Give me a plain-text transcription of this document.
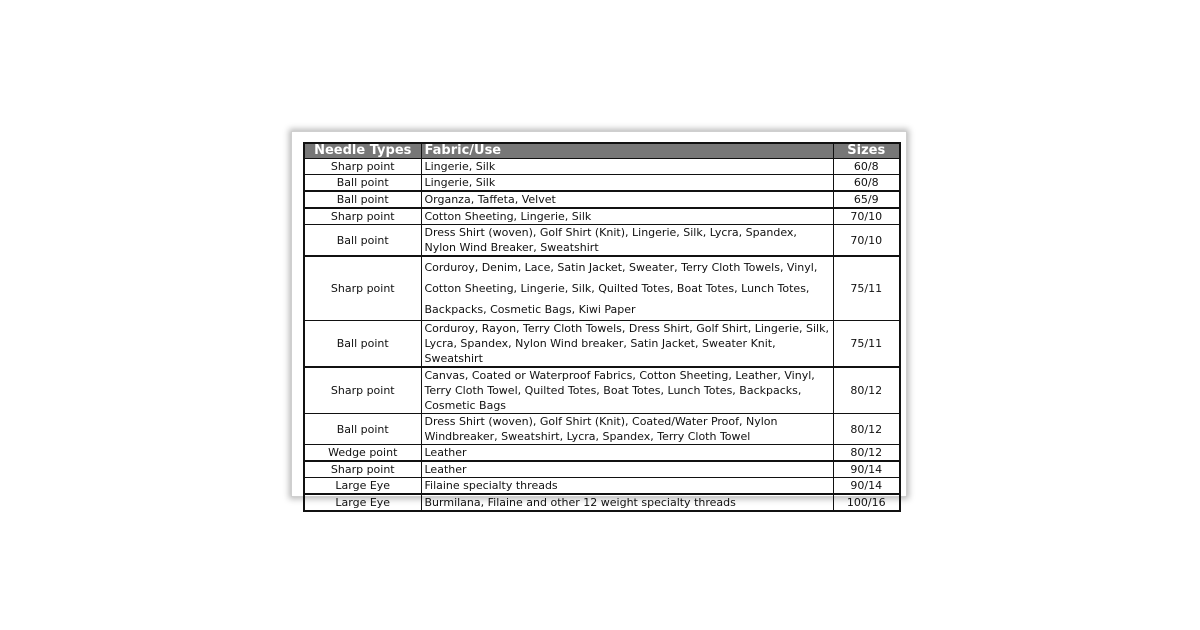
Needle Types	Fabric/Use	Sizes
Sharp point	Lingerie, Silk	60/8
Ball point	Lingerie, Silk	60/8
Ball point	Organza, Taffeta, Velvet	65/9
Sharp point	Cotton Sheeting, Lingerie, Silk	70/10
Ball point	Dress Shirt (woven), Golf Shirt (Knit), Lingerie, Silk, Lycra, Spandex, Nylon Wind Breaker, Sweatshirt	70/10
Sharp point	Corduroy, Denim, Lace, Satin Jacket, Sweater, Terry Cloth Towels, Vinyl, Cotton Sheeting, Lingerie, Silk, Quilted Totes, Boat Totes, Lunch Totes, Backpacks, Cosmetic Bags, Kiwi Paper	75/11
Ball point	Corduroy, Rayon, Terry Cloth Towels, Dress Shirt, Golf Shirt, Lingerie, Silk, Lycra, Spandex, Nylon Wind breaker, Satin Jacket, Sweater Knit, Sweatshirt	75/11
Sharp point	Canvas, Coated or Waterproof Fabrics, Cotton Sheeting, Leather, Vinyl, Terry Cloth Towel, Quilted Totes, Boat Totes, Lunch Totes, Backpacks, Cosmetic Bags	80/12
Ball point	Dress Shirt (woven), Golf Shirt (Knit), Coated/Water Proof, Nylon Windbreaker, Sweatshirt, Lycra, Spandex, Terry Cloth Towel	80/12
Wedge point	Leather	80/12
Sharp point	Leather	90/14
Large Eye	Filaine specialty threads	90/14
Large Eye	Burmilana, Filaine and other 12 weight specialty threads	100/16
